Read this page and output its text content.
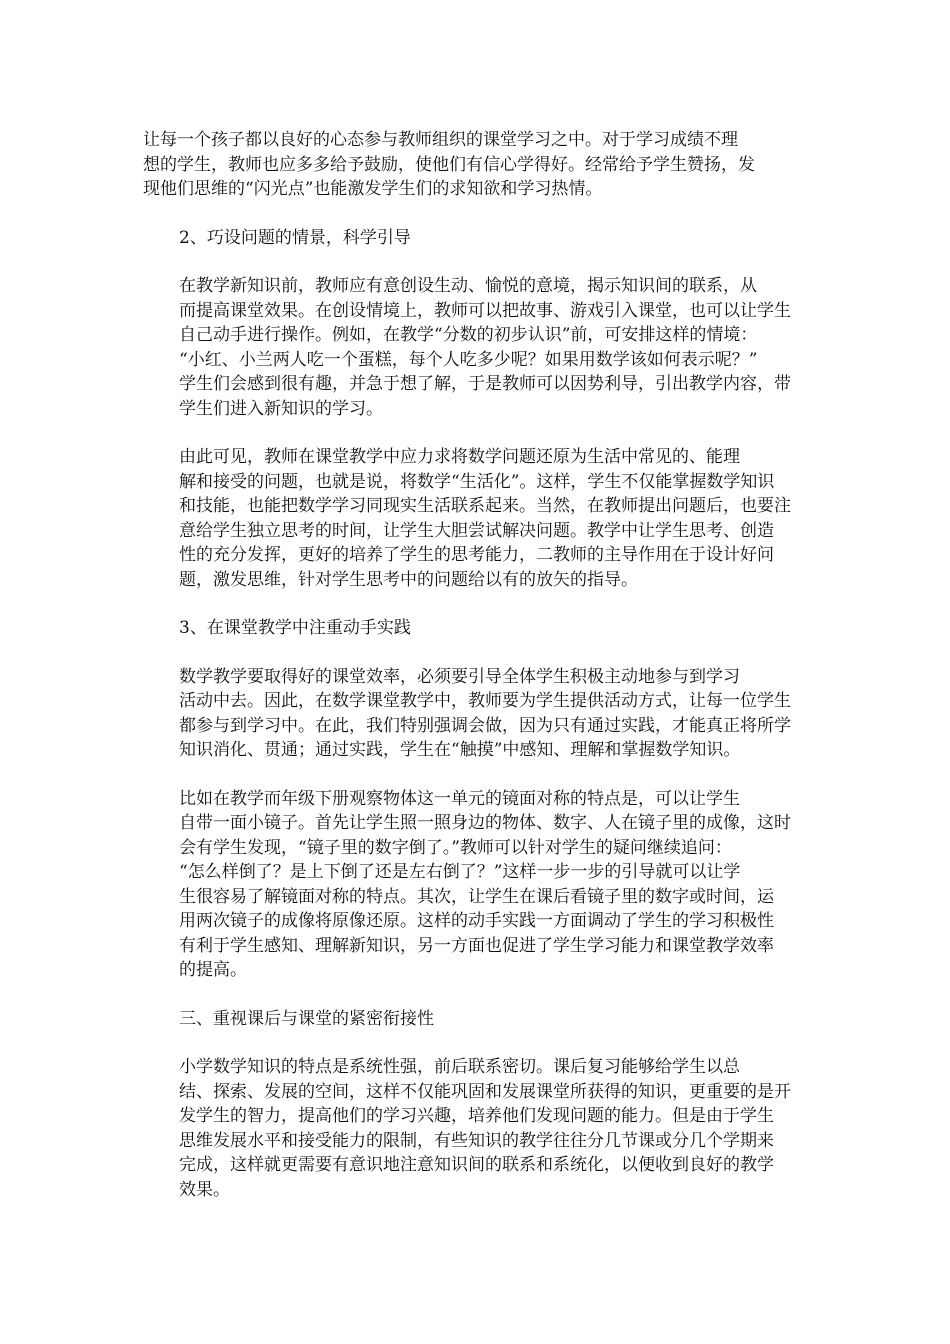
让每一个孩子都以良好的心态参与教师组织的课堂学习之中。对于学习成绩不理
想的学生，教师也应多多给予鼓励，使他们有信心学得好。经常给予学生赞扬，发
现他们思维的“闪光点”也能激发学生们的求知欲和学习热情。
2、巧设问题的情景，科学引导
在教学新知识前，教师应有意创设生动、愉悦的意境，揭示知识间的联系，从
而提高课堂效果。在创设情境上，教师可以把故事、游戏引入课堂，也可以让学生
自己动手进行操作。例如，在教学“分数的初步认识”前，可安排这样的情境：
“小红、小兰两人吃一个蛋糕，每个人吃多少呢？如果用数学该如何表示呢？”
学生们会感到很有趣，并急于想了解，于是教师可以因势利导，引出教学内容，带
学生们进入新知识的学习。
由此可见，教师在课堂教学中应力求将数学问题还原为生活中常见的、能理
解和接受的问题，也就是说，将数学“生活化”。这样，学生不仅能掌握数学知识
和技能，也能把数学学习同现实生活联系起来。当然，在教师提出问题后，也要注
意给学生独立思考的时间，让学生大胆尝试解决问题。教学中让学生思考、创造
性的充分发挥，更好的培养了学生的思考能力，二教师的主导作用在于设计好问
题，激发思维，针对学生思考中的问题给以有的放矢的指导。
3、在课堂教学中注重动手实践
数学教学要取得好的课堂效率，必须要引导全体学生积极主动地参与到学习
活动中去。因此，在数学课堂教学中，教师要为学生提供活动方式，让每一位学生
都参与到学习中。在此，我们特别强调会做，因为只有通过实践，才能真正将所学
知识消化、贯通；通过实践，学生在“触摸”中感知、理解和掌握数学知识。
比如在教学而年级下册观察物体这一单元的镜面对称的特点是，可以让学生
自带一面小镜子。首先让学生照一照身边的物体、数字、人在镜子里的成像，这时
会有学生发现，“镜子里的数字倒了。”教师可以针对学生的疑问继续追问：
“怎么样倒了？是上下倒了还是左右倒了？”这样一步一步的引导就可以让学
生很容易了解镜面对称的特点。其次，让学生在课后看镜子里的数字或时间，运
用两次镜子的成像将原像还原。这样的动手实践一方面调动了学生的学习积极性
有利于学生感知、理解新知识，另一方面也促进了学生学习能力和课堂教学效率
的提高。
三、重视课后与课堂的紧密衔接性
小学数学知识的特点是系统性强，前后联系密切。课后复习能够给学生以总
结、探索、发展的空间，这样不仅能巩固和发展课堂所获得的知识，更重要的是开
发学生的智力，提高他们的学习兴趣，培养他们发现问题的能力。但是由于学生
思维发展水平和接受能力的限制，有些知识的教学往往分几节课或分几个学期来
完成，这样就更需要有意识地注意知识间的联系和系统化，以便收到良好的教学
效果。
